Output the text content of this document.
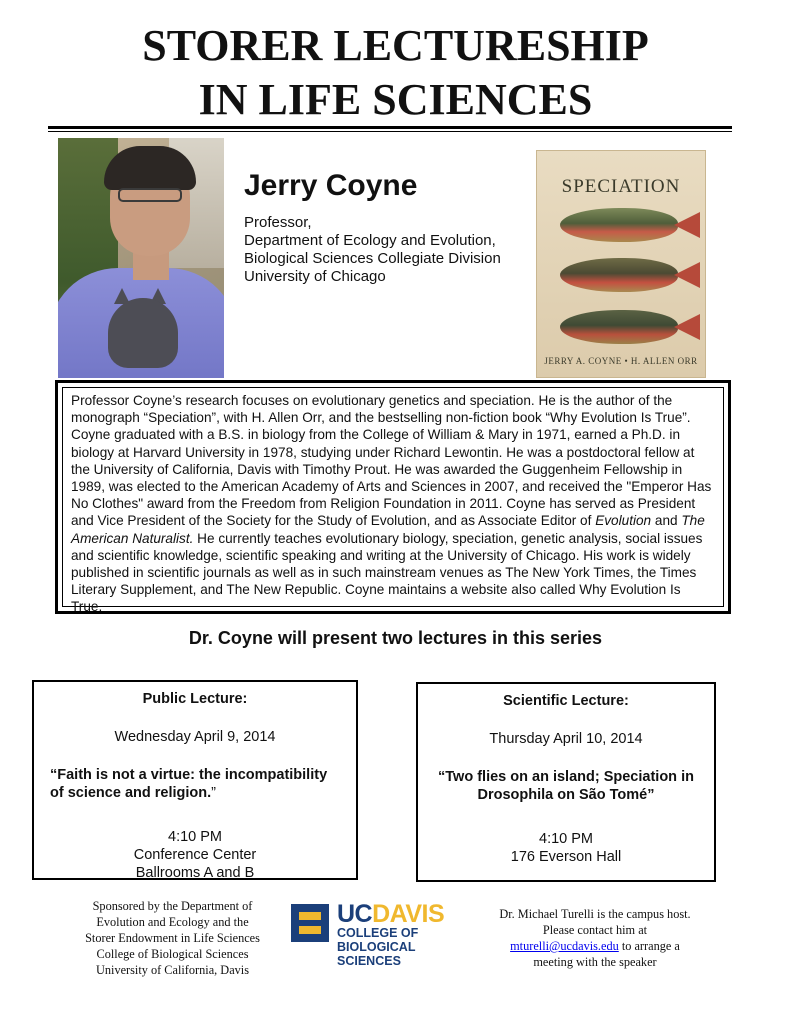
STORER LECTURESHIP
IN LIFE SCIENCES
Jerry Coyne
Professor,
Department of Ecology and Evolution,
Biological Sciences Collegiate Division
University of Chicago
SPECIATION
JERRY A. COYNE • H. ALLEN ORR
Professor Coyne’s research focuses on evolutionary genetics and speciation. He is the author of the monograph “Speciation”, with H. Allen Orr, and the bestselling non-fiction book “Why Evolution Is True”. Coyne graduated with a B.S. in biology from the College of William & Mary in 1971, earned a Ph.D. in biology at Harvard University in 1978, studying under Richard Lewontin. He was a postdoctoral fellow at the University of California, Davis with Timothy Prout. He was awarded the Guggenheim Fellowship in 1989, was elected to the American Academy of Arts and Sciences in 2007, and received the "Emperor Has No Clothes" award from the Freedom from Religion Foundation in 2011. Coyne has served as President and Vice President of the Society for the Study of Evolution, and as Associate Editor of Evolution and The American Naturalist. He currently teaches evolutionary biology, speciation, genetic analysis, social issues and scientific knowledge, scientific speaking and writing at the University of Chicago. His work is widely published in scientific journals as well as in such mainstream venues as The New York Times, the Times Literary Supplement, and The New Republic. Coyne maintains a website also called Why Evolution Is True.
Dr. Coyne will present two lectures in this series
Public Lecture:
Wednesday April 9, 2014
“Faith is not a virtue: the incompatibility of science and religion.”
4:10 PM
Conference Center
Ballrooms A and B
Scientific Lecture:
Thursday April 10, 2014
“Two flies on an island; Speciation in Drosophila on São Tomé”
4:10 PM
176 Everson Hall
Sponsored by the Department of
Evolution and Ecology and the
Storer Endowment in Life Sciences
College of Biological Sciences
University of California, Davis
UCDAVIS
COLLEGE OF
BIOLOGICAL
SCIENCES
Dr. Michael Turelli is the campus host.
Please contact him at
mturelli@ucdavis.edu to arrange a
meeting with the speaker
